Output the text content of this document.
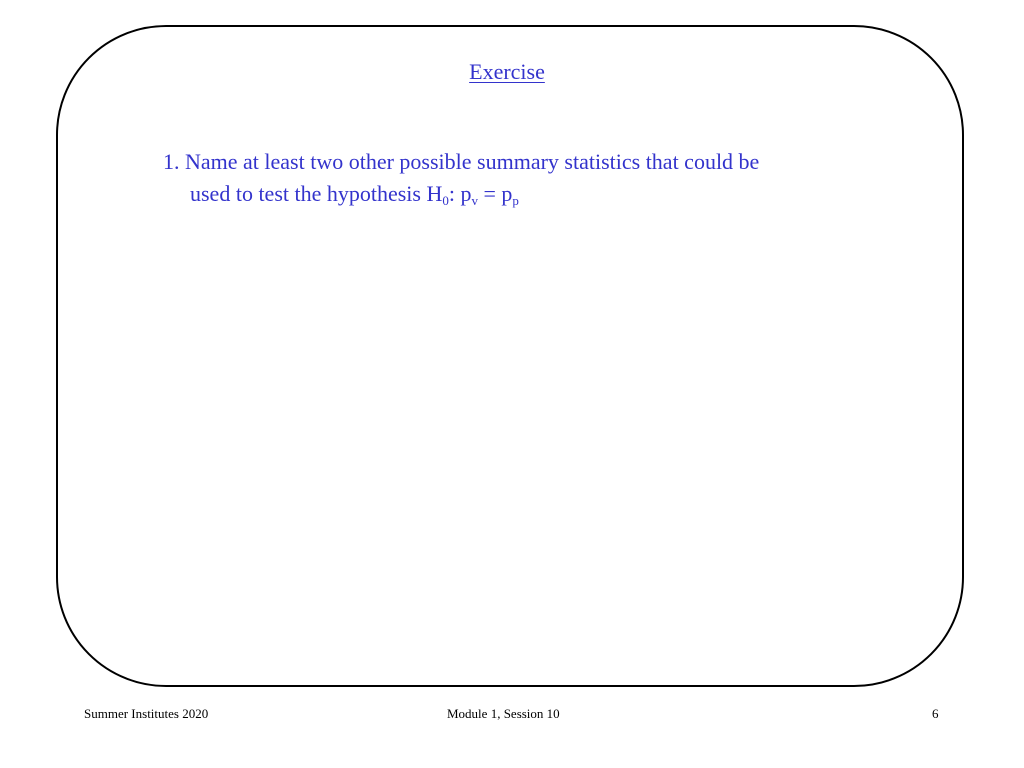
Exercise
1. Name at least two other possible summary statistics that could be
used to test the hypothesis $H_0$: $p_v = p_p$
Summer Institutes 2020	Module 1, Session 10	6
